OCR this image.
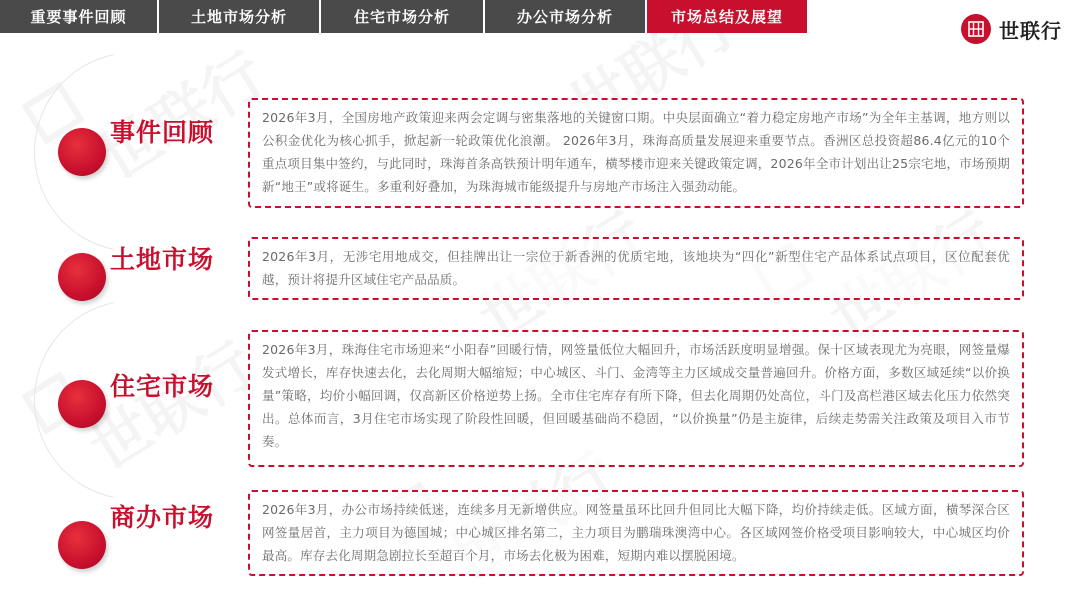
重要事件回顾	土地市场分析	住宅市场分析	办公市场分析	市场总结及展望
世联行
事件回顾

2026年3月，全国房地产政策迎来两会定调与密集落地的关键窗口期。中央层面确立“着力稳定房地产市场”为全年主基调，地方则以公积金优化为核心抓手，掀起新一轮政策优化浪潮。 2026年3月，珠海高质量发展迎来重要节点。香洲区总投资超86.4亿元的10个重点项目集中签约，与此同时，珠海首条高铁预计明年通车，横琴楼市迎来关键政策定调，2026年全市计划出让25宗宅地，市场预期新“地王”或将诞生。多重利好叠加，为珠海城市能级提升与房地产市场注入强劲动能。

土地市场	2026年3月，无涉宅用地成交，但挂牌出让一宗位于新香洲的优质宅地，该地块为“四化”新型住宅产品体系试点项目，区位配套优越，预计将提升区域住宅产品品质。

住宅市场

2026年3月，珠海住宅市场迎来“小阳春”回暖行情，网签量低位大幅回升，市场活跃度明显增强。保十区域表现尤为亮眼，网签量爆发式增长，库存快速去化，去化周期大幅缩短；中心城区、斗门、金湾等主力区域成交量普遍回升。价格方面，多数区域延续“以价换量”策略，均价小幅回调，仅高新区价格逆势上扬。全市住宅库存有所下降，但去化周期仍处高位，斗门及高栏港区域去化压力依然突出。总体而言，3月住宅市场实现了阶段性回暖，但回暖基础尚不稳固，“以价换量”仍是主旋律，后续走势需关注政策及项目入市节奏。

商办市场	2026年3月，办公市场持续低迷，连续多月无新增供应。网签量虽环比回升但同比大幅下降，均价持续走低。区域方面，横琴深合区网签量居首，主力项目为德国城；中心城区排名第二，主力项目为鹏瑞珠澳湾中心。各区域网签价格受项目影响较大，中心城区均价最高。库存去化周期急剧拉长至超百个月，市场去化极为困难，短期内难以摆脱困境。
